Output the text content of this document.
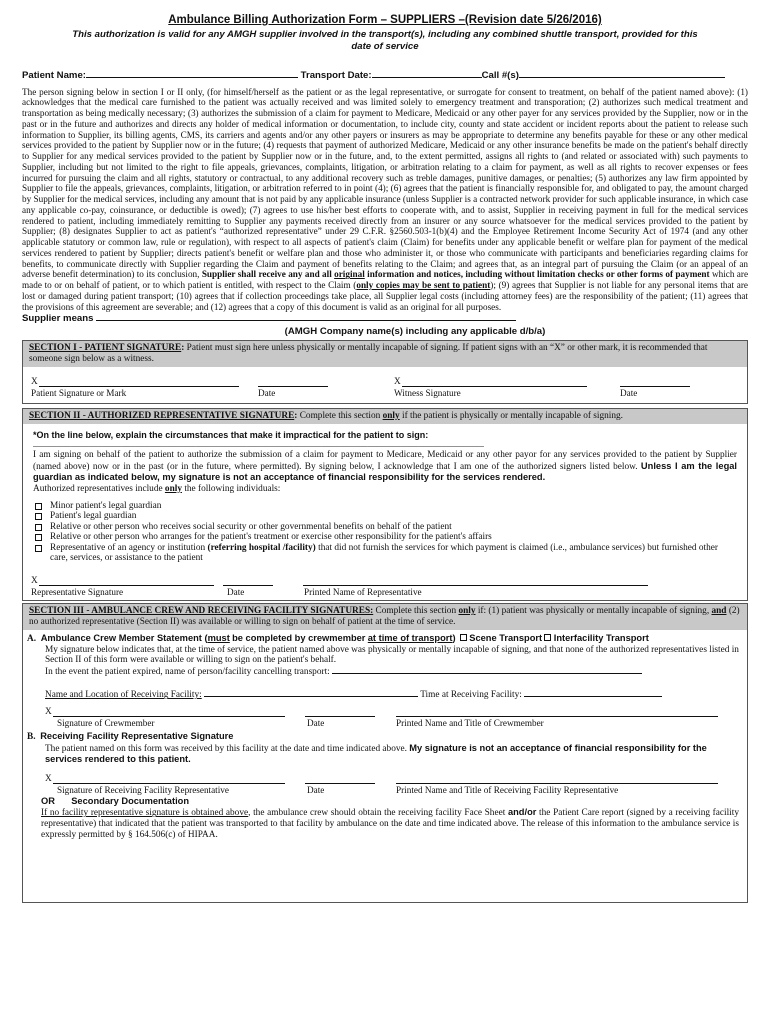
Ambulance Billing Authorization Form – SUPPLIERS –(Revision date 5/26/2016)
This authorization is valid for any AMGH supplier involved in the transport(s), including any combined shuttle transport, provided for this date of service
Patient Name:	Transport Date:	Call #(s)
The person signing below in section I or II only, (for himself/herself as the patient or as the legal representative, or surrogate for consent to treatment, on behalf of the patient named above): (1) acknowledges that the medical care furnished to the patient was actually received and was limited solely to emergency treatment and transporation; (2) authorizes such medical treatment and transportation as being medically necessary; (3) authorizes the submission of a claim for payment to Medicare, Medicaid or any other payer for any services provided by the Supplier, now or in the past or in the future and authorizes and directs any holder of medical information or documentation, to include city, county and state accident or incident reports about the patient to release such information to Supplier, its billing agents, CMS, its carriers and agents and/or any other payers or insurers as may be appropriate to determine any benefits payable for these or any other medical services provided to the patient by Supplier now or in the future; (4) requests that payment of authorized Medicare, Medicaid or any other insurance benefits be made on the patient's behalf directly to Supplier for any medical services provided to the patient by Supplier now or in the future, and, to the extent permitted, assigns all rights to (and related or associated with) such payments to Supplier, including but not limited to the right to file appeals, grievances, complaints, litigation, or arbitration relating to a claim for payment, as well as all rights to recover expenses or fees incurred for pursuing the claim and all rights, statutory or contractual, to any additional recovery such as treble damages, punitive damages, or penalties; (5) authorizes any law firm appointed by Supplier to file the appeals, grievances, complaints, litigation, or arbitration referred to in point (4); (6) agrees that the patient is financially responsible for, and obligated to pay, the amount charged by Supplier for the medical services, including any amount that is not paid by any applicable insurance (unless Supplier is a contracted network provider for such applicable insurance, in which case any applicable co-pay, coinsurance, or deductible is owed); (7) agrees to use his/her best efforts to cooperate with, and to assist, Supplier in receiving payment in full for the medical services rendered to patient, including immediately remitting to Supplier any payments received directly from an insurer or any source whatsoever for the medical services provided to the patient by Supplier; (8) designates Supplier to act as patient's “authorized representative” under 29 C.F.R. §2560.503-1(b)(4) and the Employee Retirement Income Security Act of 1974 (and any other applicable statutory or common law, rule or regulation), with respect to all aspects of patient's claim (Claim) for benefits under any applicable benefit or welfare plan for payment of the medical services rendered to patient by Supplier; directs patient's benefit or welfare plan and those who administer it, or those who communicate with participants and beneficiaries regarding claims for benefits, to communicate directly with Supplier regarding the Claim and payment of benefits relating to the Claim; and agrees that, as an integral part of pursuing the Claim (or an appeal of an adverse benefit determination) to its conclusion, Supplier shall receive any and all original information and notices, including without limitation checks or other forms of payment which are made to or on behalf of patient, or to which patient is entitled, with respect to the Claim (only copies may be sent to patient); (9) agrees that Supplier is not liable for any personal items that are lost or damaged during patient transport; (10) agrees that if collection proceedings take place, all Supplier legal costs (including attorney fees) are the responsibility of the patient; (11) agrees that the provisions of this agreement are severable; and (12) agrees that a copy of this document is valid as an original for all purposes.
Supplier means
(AMGH Company name(s) including any applicable d/b/a)
SECTION I - PATIENT SIGNATURE: Patient must sign here unless physically or mentally incapable of signing. If patient signs with an “X” or other mark, it is recommended that someone sign below as a witness.
X	X
Patient Signature or Mark	Date	Witness Signature	Date
SECTION II - AUTHORIZED REPRESENTATIVE SIGNATURE: Complete this section only if the patient is physically or mentally incapable of signing.
*On the line below, explain the circumstances that make it impractical for the patient to sign:
_________________________________________________________________________________________________
I am signing on behalf of the patient to authorize the submission of a claim for payment to Medicare, Medicaid or any other payor for any services provided to the patient by Supplier (named above) now or in the past (or in the future, where permitted). By signing below, I acknowledge that I am one of the authorized signers listed below. Unless I am the legal guardian as indicated below, my signature is not an acceptance of financial responsibility for the services rendered.
Authorized representatives include only the following individuals:
Minor patient's legal guardian
Patient's legal guardian
Relative or other person who receives social security or other governmental benefits on behalf of the patient
Relative or other person who arranges for the patient's treatment or exercise other responsibility for the patient's affairs
Representative of an agency or institution (referring hospital /facility) that did not furnish the services for which payment is claimed (i.e., ambulance services) but furnished other care, services, or assistance to the patient
X
Representative Signature	Date	Printed Name of Representative
SECTION III - AMBULANCE CREW AND RECEIVING FACILITY SIGNATURES: Complete this section only if: (1) patient was physically or mentally incapable of signing, and (2) no authorized representative (Section II) was available or willing to sign on behalf of patient at the time of service.
A. Ambulance Crew Member Statement (must be completed by crewmember at time of transport) Scene Transport Interfacility Transport
My signature below indicates that, at the time of service, the patient named above was physically or mentally incapable of signing, and that none of the authorized representatives listed in Section II of this form were available or willing to sign on the patient's behalf.
In the event the patient expired, name of person/facility cancelling transport:
Name and Location of Receiving Facility:	Time at Receiving Facility:
X
Signature of Crewmember	Date	Printed Name and Title of Crewmember
B. Receiving Facility Representative Signature
The patient named on this form was received by this facility at the date and time indicated above. My signature is not an acceptance of financial responsibility for the services rendered to this patient.
X
Signature of Receiving Facility Representative	Date	Printed Name and Title of Receiving Facility Representative
OR Secondary Documentation
If no facility representative signature is obtained above, the ambulance crew should obtain the receiving facility Face Sheet and/or the Patient Care report (signed by a receiving facility representative) that indicated that the patient was transported to that facility by ambulance on the date and time indicated above. The release of this information to the ambulance service is expressly permitted by § 164.506(c) of HIPAA.
